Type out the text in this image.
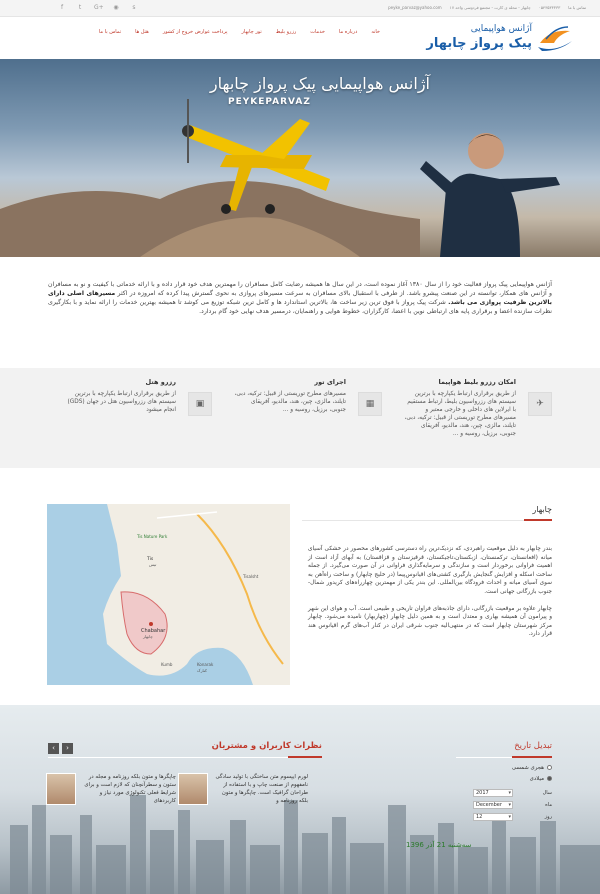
f	t	G+ ◉	s	تماس با ما
۰۵۴۳۵۳۳۳۳۳
چابهار - محله ی کارت - مجتمع فردوسی واحد ۱۷
peyke_parvaz@yahoo.com
آژانس هواپیمایی
پیک پرواز چابهار
خانه
درباره ما
خدمات
رزرو بلیط
تور چابهار
پرداخت عوارض خروج از کشور
هتل ها
تماس با ما
آژانس هواپیمایی پیک پرواز چابهار
PEYKEPARVAZ
آژانس هواپیمایی پیک پرواز فعالیت خود را از سال ۱۳۸۰ آغاز نموده است، در این سال ها همیشه رضایت کامل مسافران را مهمترین هدف خود قرار داده و با ارائه خدماتی با کیفیت و نو به مسافران و آژانس های همکار، توانسته در این صنعت پیشرو باشد. از طرفی با استقبال بالای مسافران به سرعت مسیرهای پروازی به نحوی گسترش پیدا کرده که امروزه در اکثر مسیرهای اصلی دارای بالاترین ظرفیت پروازی می باشد. شرکت پیک پرواز با فوق ترین زیر ساخت ها، بالاترین استاندارد ها و کامل ترین شبکه توزیع می کوشد تا همیشه بهترین خدمات را ارائه نماید و با بکارگیری نظرات سازنده اعضا و برقراری پایه های ارتباطی نوین با اعضا، کارگزاران، خطوط هوایی و راهنمایان، درمسیر هدف نهایی خود گام بردارد.
✈
امکان رزرو بلیط هواپیما
از طریق برقراری ارتباط یکپارچه با برترین سیستم های رزرواسیون بلیط، ارتباط مستقیم با ایرلاین های داخلی و خارجی معتبر و مسیرهای مطرح توریستی از قبیل: ترکیه، دبی، تایلند، مالزی، چین، هند، مالدیو، آفریقای جنوبی، برزیل، روسیه و ...
▦
اجرای تور
مسیرهای مطرح توریستی از قبیل: ترکیه، دبی، تایلند، مالزی، چین، هند، مالدیو، آفریقای جنوبی، برزیل، روسیه و ...
▣
رزرو هتل
از طریق برقراری ارتباط یکپارچه با برترین سیستم های رزرواسیون هتل در جهان (GDS) انجام میشود
چابهار

بندر چابهار به دلیل موقعیت راهبردی، که نزدیک‌ترین راه دسترسی کشورهای محصور در خشکی آسیای میانه (افغانستان، ترکمنستان، ازبکستان،تاجیکستان، قرقیزستان و قزاقستان) به آبهای آزاد است از اهمیت فراوانی برخوردار است و سازندگی و سرمایه‌گذاری فراوانی در آن صورت می‌گیرد. از جمله ساخت اسکله و افزایش گنجایش بارگیری کشتی‌های اقیانوس‌پیما (در خلیج چابهار) و ساخت راه‌آهن به سوی آسیای میانه و احداث فرودگاه بین‌المللی. این بندر یکی از مهمترین چهارراه‌های کریدور شمال-جنوب بازرگانی جهانی است.

چابهار علاوه بر موقعیت بازرگانی، دارای جاذبه‌های فراوان تاریخی و طبیعی است. آب و هوای این شهر و پیرامون آن همیشه بهاری و معتدل است و به همین دلیل چابهار (چهاربهار) نامیده می‌شود. چابهار مرکز شهرستان چابهار است که در منتهی‌الیه جنوب شرقی ایران در کنار آب‌های گرم اقیانوس هند قرار دارد.

Chabahar
چابهار
Konarak
کنارک
Tis
تیس
Tis Nature Park
Kumb
Tisalsht
‹	›	نظرات کاربران و مشتریان
لورم ایپسوم متن ساختگی با تولید سادگی نامفهوم از صنعت چاپ و با استفاده از طراحان گرافیک است. چاپگرها و متون بلکه روزنامه و
چاپگرها و متون بلکه روزنامه و مجله در ستون و سطرآنچنان که لازم است و برای شرایط فعلی تکنولوژی مورد نیاز و کاربردهای
تبدیل تاریخ
هجری شمسی
میلادی
2017 ▾	سال
December ▾	ماه
12 ▾	روز
سه‌شنبه 21 آذر 1396
